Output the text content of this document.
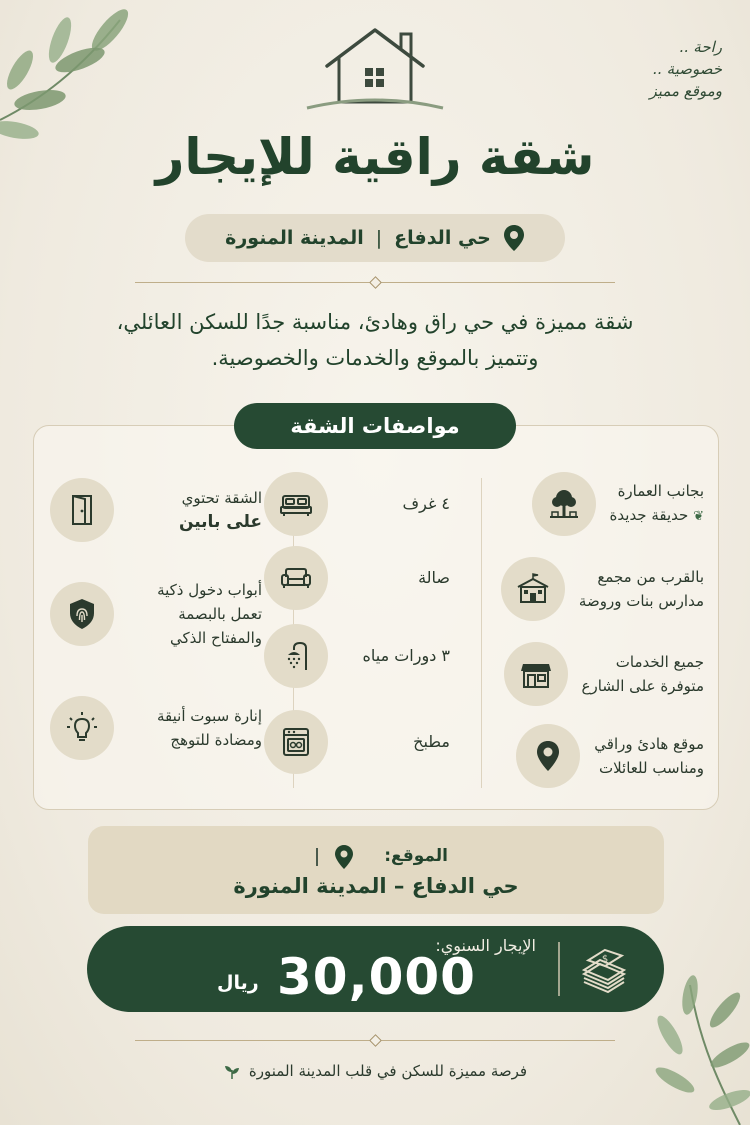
راحة ..
خصوصية ..
وموقع مميز
شقة راقية للإيجار
حي الدفاع
|
المدينة المنورة
شقة مميزة في حي راق وهادئ، مناسبة جدًا للسكن العائلي،
وتتميز بالموقع والخدمات والخصوصية.
مواصفات الشقة
بجانب العمارة
❦ حديقة جديدة
بالقرب من مجمع
مدارس بنات وروضة
جميع الخدمات
متوفرة على الشارع
موقع هادئ وراقي
ومناسب للعائلات
٤ غرف
صالة
٣ دورات مياه
مطبخ
الشقة تحتوي
على بابين
أبواب دخول ذكية
تعمل بالبصمة
والمفتاح الذكي
إنارة سبوت أنيقة
ومضادة للتوهج
الموقع:
حي الدفاع – المدينة المنورة
الإيجار السنوي:
30,000
ريال
$
فرصة مميزة للسكن في قلب المدينة المنورة
